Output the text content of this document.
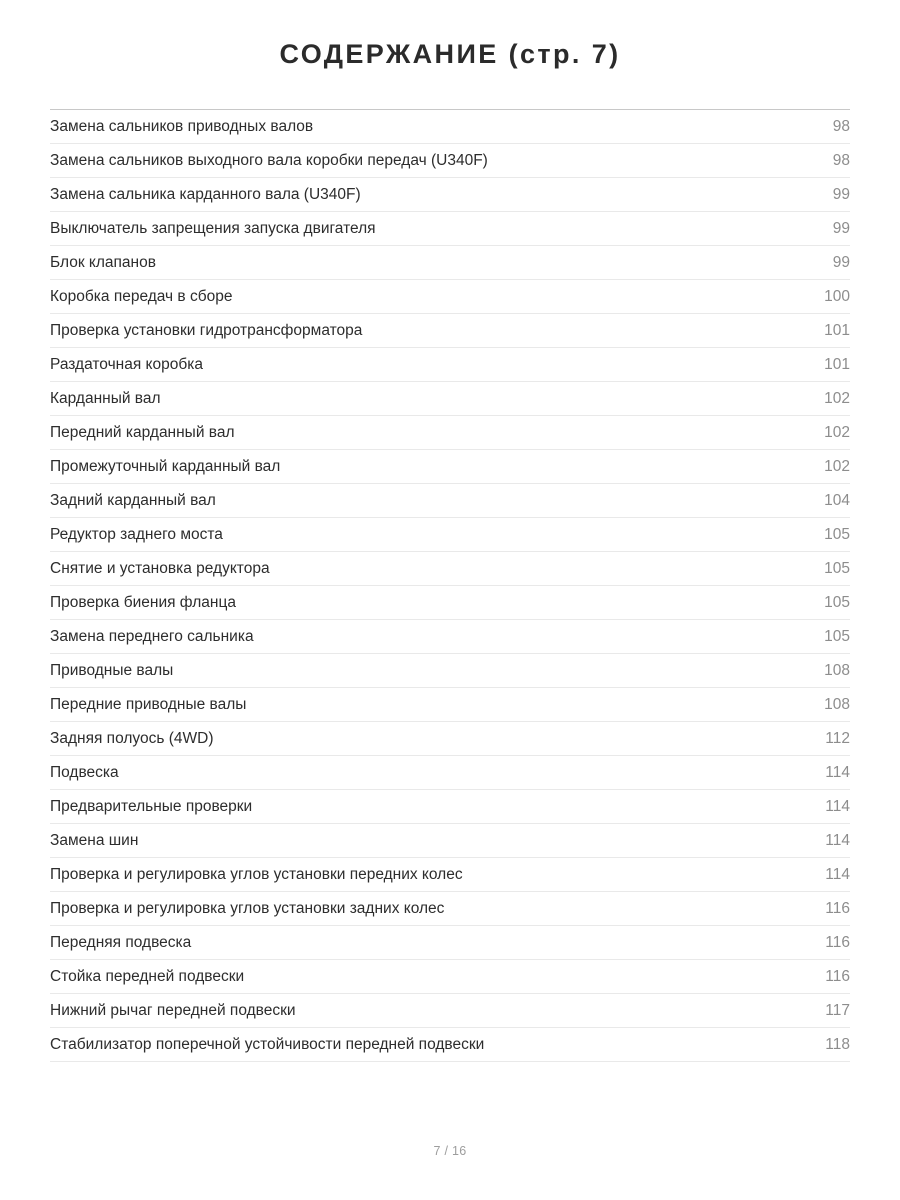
СОДЕРЖАНИЕ (стр. 7)
Замена сальников приводных валов	98
Замена сальников выходного вала коробки передач (U340F)	98
Замена сальника карданного вала (U340F)	99
Выключатель запрещения запуска двигателя	99
Блок клапанов	99
Коробка передач в сборе	100
Проверка установки гидротрансформатора	101
Раздаточная коробка	101
Карданный вал	102
Передний карданный вал	102
Промежуточный карданный вал	102
Задний карданный вал	104
Редуктор заднего моста	105
Снятие и установка редуктора	105
Проверка биения фланца	105
Замена переднего сальника	105
Приводные валы	108
Передние приводные валы	108
Задняя полуось (4WD)	112
Подвеска	114
Предварительные проверки	114
Замена шин	114
Проверка и регулировка углов установки передних колес	114
Проверка и регулировка углов установки задних колес	116
Передняя подвеска	116
Стойка передней подвески	116
Нижний рычаг передней подвески	117
Стабилизатор поперечной устойчивости передней подвески	118
7 / 16
